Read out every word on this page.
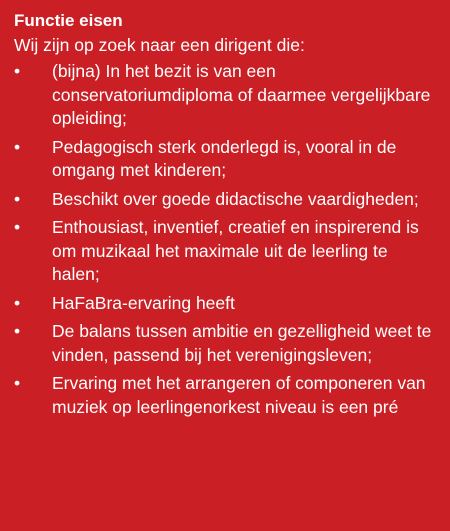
Functie eisen

Wij zijn op zoek naar een dirigent die:

•	(bijna) In het bezit is van een conservatoriumdiploma of daarmee vergelijkbare opleiding;
•	Pedagogisch sterk onderlegd is, vooral in de omgang met kinderen;
•	Beschikt over goede didactische vaardigheden;
•	Enthousiast, inventief, creatief en inspirerend is om muzikaal het maximale uit de leerling te halen;
•	HaFaBra-ervaring heeft
•	De balans tussen ambitie en gezelligheid weet te vinden, passend bij het verenigingsleven;
•	Ervaring met het arrangeren of componeren van muziek op leerlingenorkest niveau is een pré
